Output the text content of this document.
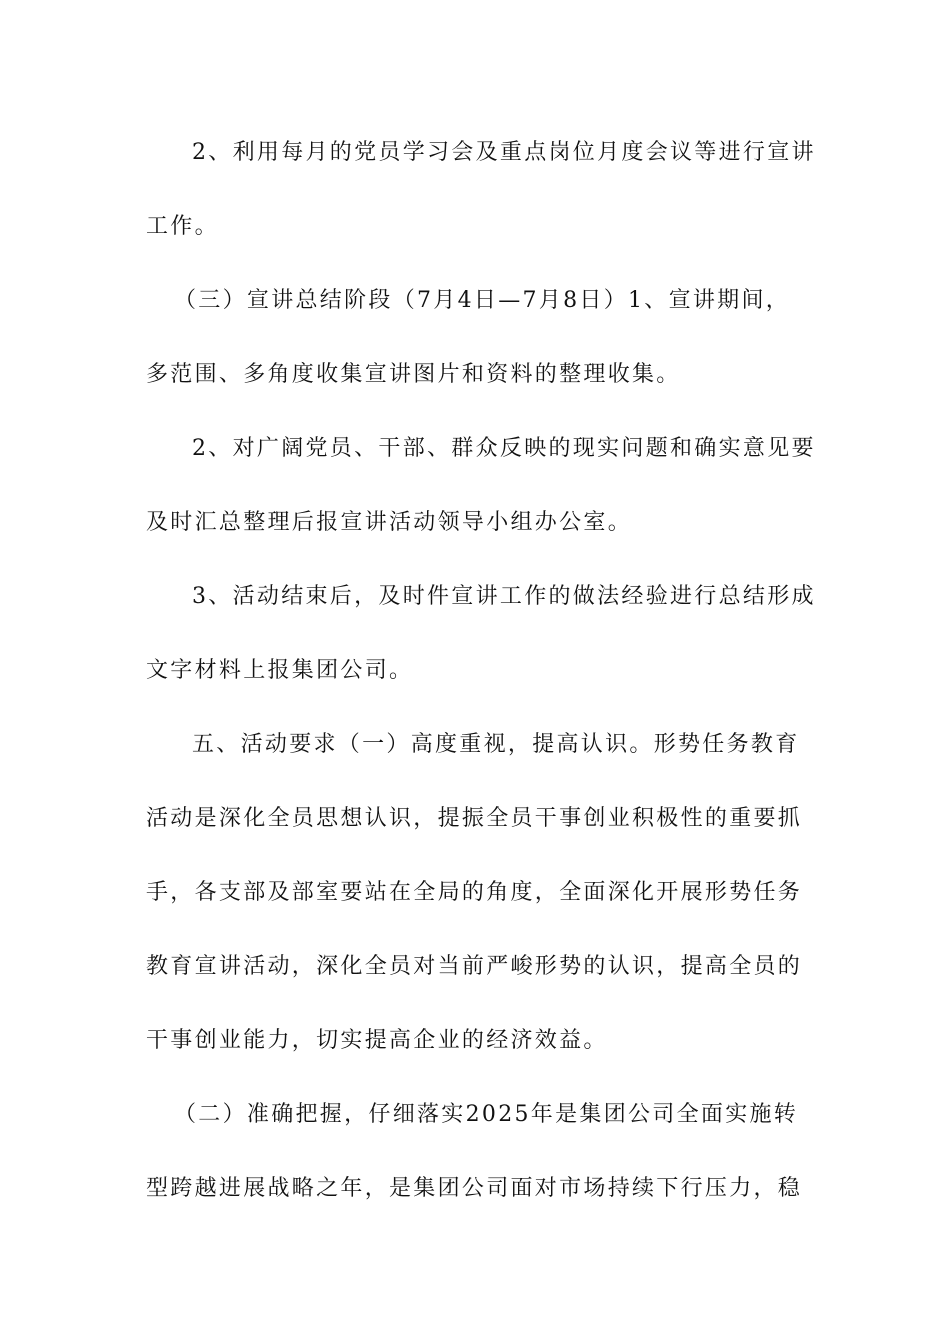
2、利用每月的党员学习会及重点岗位月度会议等进行宣讲
工作。
（三）宣讲总结阶段（7月4日—7月8日）1、宣讲期间，
多范围、多角度收集宣讲图片和资料的整理收集。
2、对广阔党员、干部、群众反映的现实问题和确实意见要
及时汇总整理后报宣讲活动领导小组办公室。
3、活动结束后，及时件宣讲工作的做法经验进行总结形成
文字材料上报集团公司。
五、活动要求（一）高度重视，提高认识。形势任务教育
活动是深化全员思想认识，提振全员干事创业积极性的重要抓
手，各支部及部室要站在全局的角度，全面深化开展形势任务
教育宣讲活动，深化全员对当前严峻形势的认识，提高全员的
干事创业能力，切实提高企业的经济效益。
（二）准确把握，仔细落实2025年是集团公司全面实施转
型跨越进展战略之年，是集团公司面对市场持续下行压力，稳
